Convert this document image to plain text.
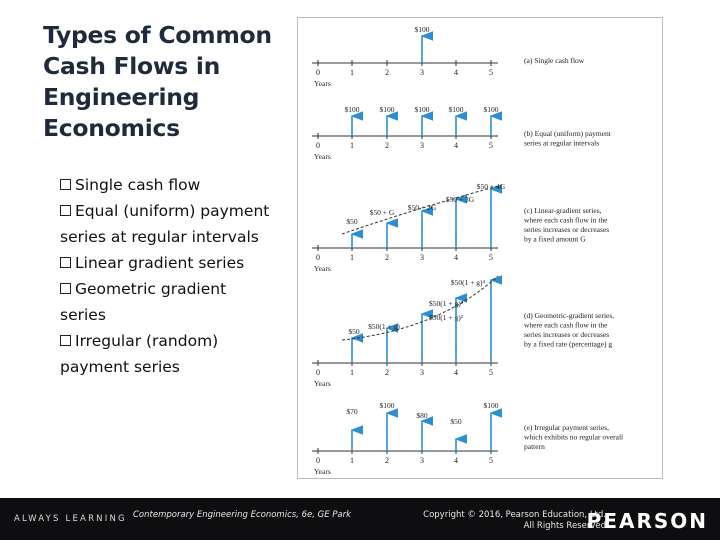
Types of Common Cash Flows in Engineering Economics
Single cash flow
Equal (uniform) payment series at regular intervals
Linear gradient series
Geometric gradient series
Irregular (random) payment series
0	1	2	3	4	5
Years
$100
(a) Single cash flow
0	1	2	3	4	5
Years
$100	$100	$100	$100	$100
(b) Equal (uniform) payment
series at regular intervals
0	1	2	3	4	5
Years
$50
$50 + G
$50 + 2G
$50 + 3G
$50 + 4G
(c) Linear-gradient series,
where each cash flow in the
series increases or decreases
by a fixed amount G
0	1	2	3	4	5
Years
$50
$50(1 + g)
$50(1 + g)²
$50(1 + g)³
$50(1 + g)⁴
(d) Geometric-gradient series,
where each cash flow in the
series increases or decreases
by a fixed rate (percentage) g
0	1	2	3	4	5
Years
$70
$100
$80
$50
$100
(e) Irregular payment series,
which exhibits no regular overall
pattern
ALWAYS LEARNING Contemporary Engineering Economics, 6e, GE Park	Copyright © 2016, Pearson Education, Ltd.
All Rights Reserved
PEARSON
